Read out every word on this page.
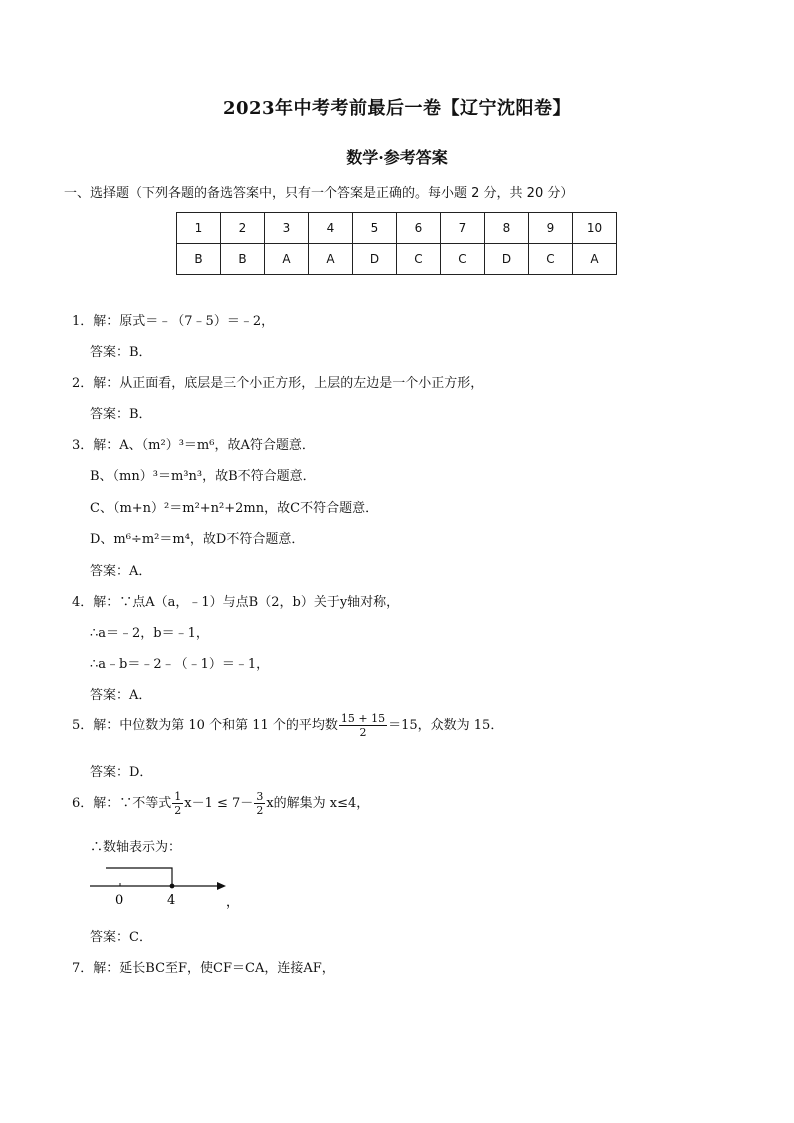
2023年中考考前最后一卷【辽宁沈阳卷】
数学·参考答案
一、选择题（下列各题的备选答案中，只有一个答案是正确的。每小题 2 分，共 20 分）
1	2	3	4	5	6	7	8	9	10
B	B	A	A	D	C	C	D	C	A
1．解：原式＝﹣（7﹣5）＝﹣2，
答案：B．
2．解：从正面看，底层是三个小正方形，上层的左边是一个小正方形，
答案：B．
3．解：A、（m²）³＝m⁶，故A符合题意．
B、（mn）³＝m³n³，故B不符合题意．
C、（m+n）²＝m²+n²+2mn，故C不符合题意．
D、m⁶÷m²＝m⁴，故D不符合题意．
答案：A．
4．解：∵点A（a，﹣1）与点B（2，b）关于y轴对称，
∴a＝﹣2，b＝﹣1，
∴a﹣b＝﹣2﹣（﹣1）＝﹣1，
答案：A．
5．解：中位数为第 10 个和第 11 个的平均数 $\frac{15 + 15}{2} =15$，众数为 15．
答案：D．
6．解：∵不等式 $\frac{1}{2} x-1 \le 7- \frac{3}{2}$ x的解集为 x≤4，
∴数轴表示为：
0	4	，
答案：C．
7．解：延长BC至F，使CF＝CA，连接AF，
